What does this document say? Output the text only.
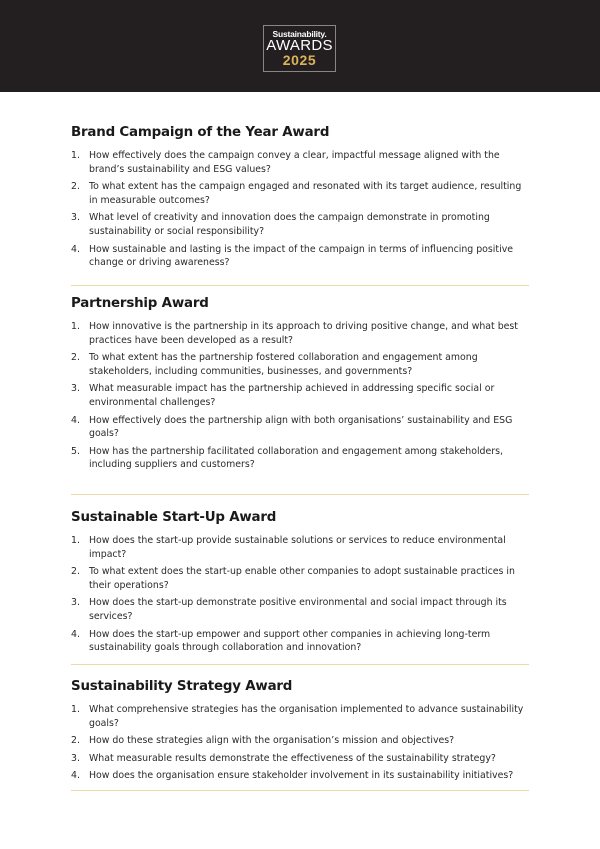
Sustainability.
AWARDS
2025
Brand Campaign of the Year Award
1. How effectively does the campaign convey a clear, impactful message aligned with the brand’s sustainability and ESG values?
2. To what extent has the campaign engaged and resonated with its target audience, resulting in measurable outcomes?
3. What level of creativity and innovation does the campaign demonstrate in promoting sustainability or social responsibility?
4. How sustainable and lasting is the impact of the campaign in terms of influencing positive change or driving awareness?
Partnership Award
1. How innovative is the partnership in its approach to driving positive change, and what best practices have been developed as a result?
2. To what extent has the partnership fostered collaboration and engagement among stakeholders, including communities, businesses, and governments?
3. What measurable impact has the partnership achieved in addressing specific social or environmental challenges?
4. How effectively does the partnership align with both organisations’ sustainability and ESG goals?
5. How has the partnership facilitated collaboration and engagement among stakeholders, including suppliers and customers?
Sustainable Start-Up Award
1. How does the start-up provide sustainable solutions or services to reduce environmental impact?
2. To what extent does the start-up enable other companies to adopt sustainable practices in their operations?
3. How does the start-up demonstrate positive environmental and social impact through its services?
4. How does the start-up empower and support other companies in achieving long-term sustainability goals through collaboration and innovation?
Sustainability Strategy Award
1. What comprehensive strategies has the organisation implemented to advance sustainability goals?
2. How do these strategies align with the organisation’s mission and objectives?
3. What measurable results demonstrate the effectiveness of the sustainability strategy?
4. How does the organisation ensure stakeholder involvement in its sustainability initiatives?
